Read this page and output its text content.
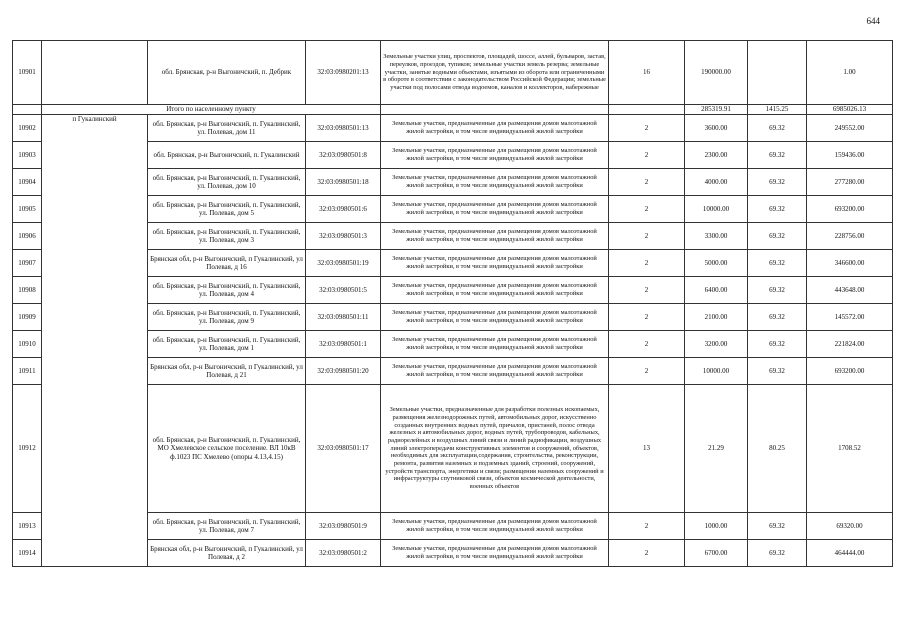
644
10901		обл. Брянская, р-н Выгоничский, п. Дебрик	32:03:0980201:13	Земельные участки улиц, проспектов, площадей, шоссе, аллей, бульваров, застав, переулков, проездов, тупиков; земельные участки земель резерва; земельные участки, занятые водными объектами, изъятыми из оборота или ограниченными в обороте в соответствии с законодательством Российской Федерации; земельные участки под полосами отвода водоемов, каналов и коллекторов, набережные	16	190000.00		1.00
	Итого по населенному пункту					285319.91	1415.25	6985026.13
10902	п Гукалинский	обл. Брянская, р-н Выгоничский, п. Гукалинский, ул. Полевая, дом 11	32:03:0980501:13	Земельные участки, предназначенные для размещения домов малоэтажной жилой застройки, в том числе индивидуальной жилой застройки	2	3600.00	69.32	249552.00
10903		обл. Брянская, р-н Выгоничский, п. Гукалинский	32:03:0980501:8	Земельные участки, предназначенные для размещения домов малоэтажной жилой застройки, в том числе индивидуальной жилой застройки	2	2300.00	69.32	159436.00
10904		обл. Брянская, р-н Выгоничский, п. Гукалинский, ул. Полевая, дом 10	32:03:0980501:18	Земельные участки, предназначенные для размещения домов малоэтажной жилой застройки, в том числе индивидуальной жилой застройки	2	4000.00	69.32	277280.00
10905		обл. Брянская, р-н Выгоничский, п. Гукалинский, ул. Полевая, дом 5	32:03:0980501:6	Земельные участки, предназначенные для размещения домов малоэтажной жилой застройки, в том числе индивидуальной жилой застройки	2	10000.00	69.32	693200.00
10906		обл. Брянская, р-н Выгоничский, п. Гукалинский, ул. Полевая, дом 3	32:03:0980501:3	Земельные участки, предназначенные для размещения домов малоэтажной жилой застройки, в том числе индивидуальной жилой застройки	2	3300.00	69.32	228756.00
10907		Брянская обл, р-н Выгоничский, п Гукалинский, ул Полевая, д 16	32:03:0980501:19	Земельные участки, предназначенные для размещения домов малоэтажной жилой застройки, в том числе индивидуальной жилой застройки	2	5000.00	69.32	346600.00
10908		обл. Брянская, р-н Выгоничский, п. Гукалинский, ул. Полевая, дом 4	32:03:0980501:5	Земельные участки, предназначенные для размещения домов малоэтажной жилой застройки, в том числе индивидуальной жилой застройки	2	6400.00	69.32	443648.00
10909		обл. Брянская, р-н Выгоничский, п. Гукалинский, ул. Полевая, дом 9	32:03:0980501:11	Земельные участки, предназначенные для размещения домов малоэтажной жилой застройки, в том числе индивидуальной жилой застройки	2	2100.00	69.32	145572.00
10910		обл. Брянская, р-н Выгоничский, п. Гукалинский, ул. Полевая, дом 1	32:03:0980501:1	Земельные участки, предназначенные для размещения домов малоэтажной жилой застройки, в том числе индивидуальной жилой застройки	2	3200.00	69.32	221824.00
10911		Брянская обл, р-н Выгоничский, п Гукалинский, ул Полевая, д 21	32:03:0980501:20	Земельные участки, предназначенные для размещения домов малоэтажной жилой застройки, в том числе индивидуальной жилой застройки	2	10000.00	69.32	693200.00
10912		обл. Брянская, р-н Выгоничский, п. Гукалинский, МО Хмелевское сельское поселение. ВЛ 10кВ ф.1023 ПС Хмелево (опоры 4.13,4.15)	32:03:0980501:17	Земельные участки, предназначенные для разработки полезных ископаемых, размещения железнодорожных путей, автомобильных дорог, искусственно созданных внутренних водных путей, причалов, пристаней, полос отвода железных и автомобильных дорог, водных путей, трубопроводов, кабельных, радиорелейных и воздушных линий связи и линий радиофикации, воздушных линий электропередачи конструктивных элементов и сооружений, объектов, необходимых для эксплуатации,содержания, строительства, реконструкции, ремонта, развития наземных и подземных зданий, строений, сооружений, устройств транспорта, энергетики и связи; размещения наземных сооружений и инфраструктуры спутниковой связи, объектов космической деятельности, военных объектов	13	21.29	80.25	1708.52
10913		обл. Брянская, р-н Выгоничский, п. Гукалинский, ул. Полевая, дом 7	32:03:0980501:9	Земельные участки, предназначенные для размещения домов малоэтажной жилой застройки, в том числе индивидуальной жилой застройки	2	1000.00	69.32	69320.00
10914		Брянская обл, р-н Выгоничский, п Гукалинский, ул Полевая, д 2	32:03:0980501:2	Земельные участки, предназначенные для размещения домов малоэтажной жилой застройки, в том числе индивидуальной жилой застройки	2	6700.00	69.32	464444.00
